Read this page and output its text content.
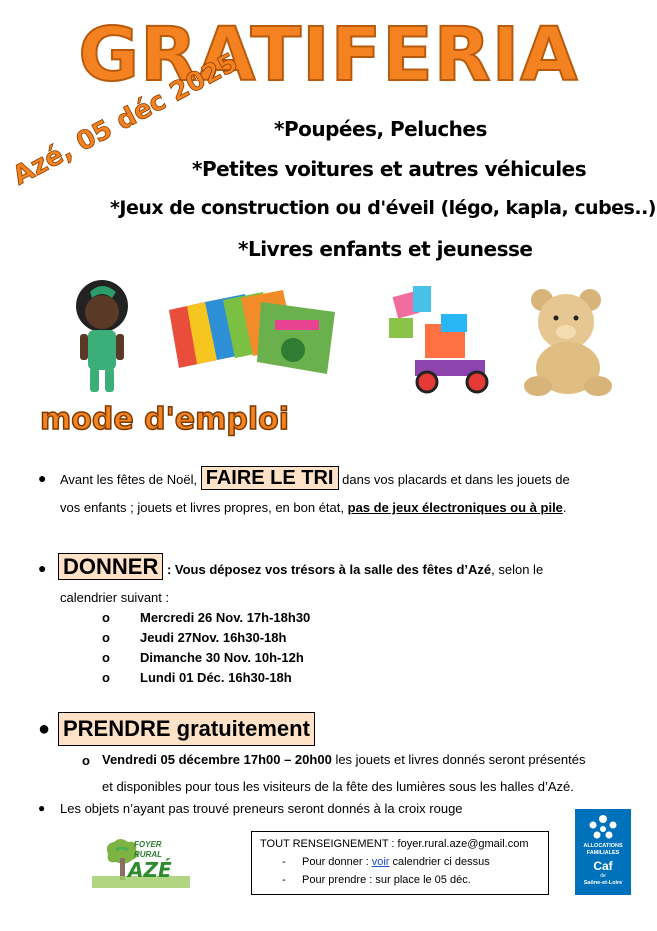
GRATIFERIA
Azé, 05 déc 2025 *Poupées, Peluches
*Petites voitures et autres véhicules
*Jeux de construction ou d'éveil (légo, kapla, cubes..)
*Livres enfants et jeunesse
mode d'emploi
● Avant les fêtes de Noël, FAIRE LE TRI dans vos placards et dans les jouets de
vos enfants ; jouets et livres propres, en bon état, pas de jeux électroniques ou à pile.
● DONNER : Vous déposez vos trésors à la salle des fêtes d’Azé, selon le
calendrier suivant :
o Mercredi 26 Nov. 17h-18h30
o Jeudi 27Nov. 16h30-18h
o Dimanche 30 Nov. 10h-12h
o Lundi 01 Déc. 16h30-18h
● PRENDRE gratuitement
o Vendredi 05 décembre 17h00 – 20h00 les jouets et livres donnés seront présentés
et disponibles pour tous les visiteurs de la fête des lumières sous les halles d’Azé.
● Les objets n’ayant pas trouvé preneurs seront donnés à la croix rouge
FOYER
RURAL
AZÉ
TOUT RENSEIGNEMENT : foyer.rural.aze@gmail.com
- Pour donner : voir calendrier ci dessus
- Pour prendre : sur place le 05 déc.
ALLOCATIONS
FAMILIALES
Caf
de
Saône-et-Loire
